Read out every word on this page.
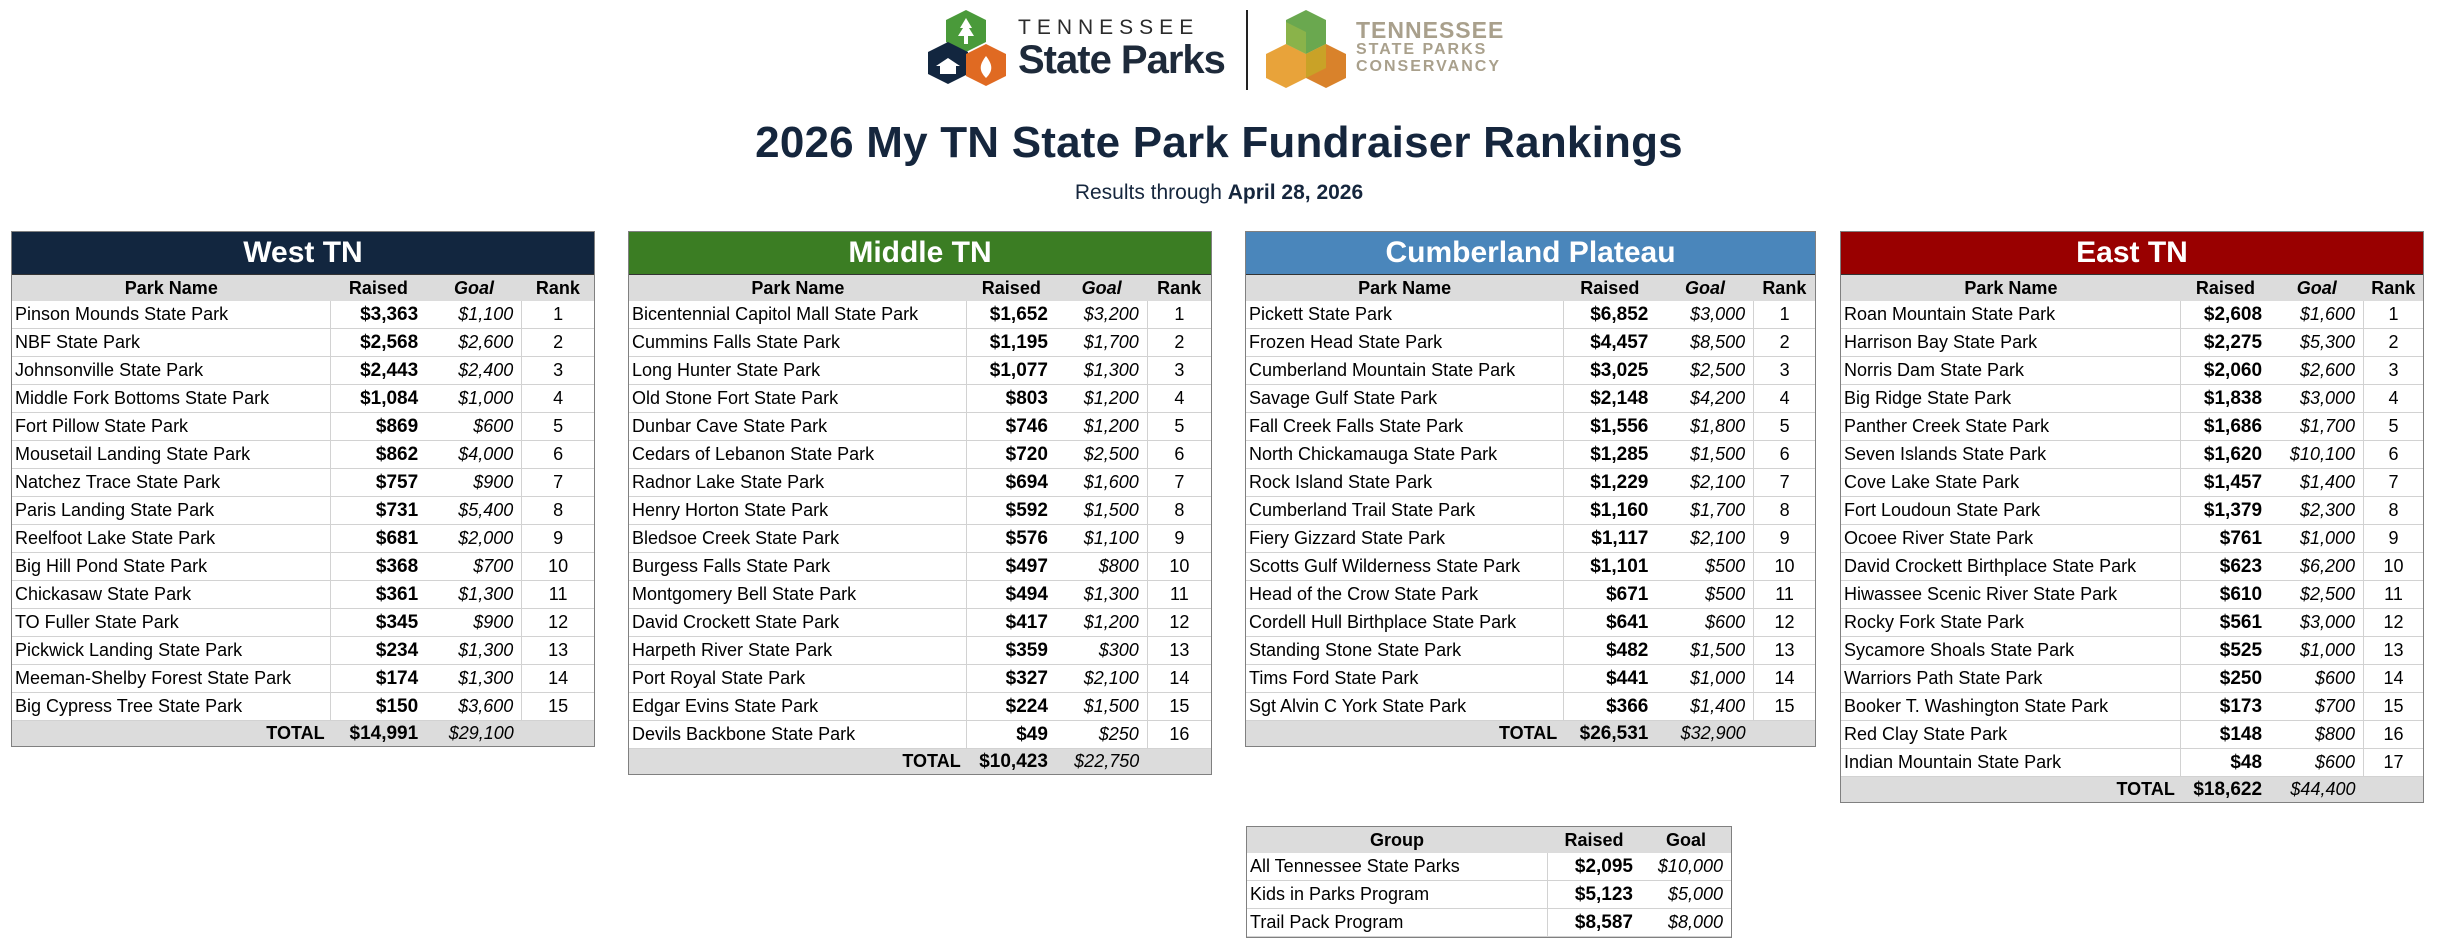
TENNESSEE
State Parks
TENNESSEE
STATE PARKS
CONSERVANCY
2026 My TN State Park Fundraiser Rankings
Results through April 28, 2026
West TN
Park Name	Raised	Goal	Rank
Pinson Mounds State Park	$3,363	$1,100	1
NBF State Park	$2,568	$2,600	2
Johnsonville State Park	$2,443	$2,400	3
Middle Fork Bottoms State Park	$1,084	$1,000	4
Fort Pillow State Park	$869	$600	5
Mousetail Landing State Park	$862	$4,000	6
Natchez Trace State Park	$757	$900	7
Paris Landing State Park	$731	$5,400	8
Reelfoot Lake State Park	$681	$2,000	9
Big Hill Pond State Park	$368	$700	10
Chickasaw State Park	$361	$1,300	11
TO Fuller State Park	$345	$900	12
Pickwick Landing State Park	$234	$1,300	13
Meeman-Shelby Forest State Park	$174	$1,300	14
Big Cypress Tree State Park	$150	$3,600	15
TOTAL	$14,991	$29,100	
Middle TN
Park Name	Raised	Goal	Rank
Bicentennial Capitol Mall State Park	$1,652	$3,200	1
Cummins Falls State Park	$1,195	$1,700	2
Long Hunter State Park	$1,077	$1,300	3
Old Stone Fort State Park	$803	$1,200	4
Dunbar Cave State Park	$746	$1,200	5
Cedars of Lebanon State Park	$720	$2,500	6
Radnor Lake State Park	$694	$1,600	7
Henry Horton State Park	$592	$1,500	8
Bledsoe Creek State Park	$576	$1,100	9
Burgess Falls State Park	$497	$800	10
Montgomery Bell State Park	$494	$1,300	11
David Crockett State Park	$417	$1,200	12
Harpeth River State Park	$359	$300	13
Port Royal State Park	$327	$2,100	14
Edgar Evins State Park	$224	$1,500	15
Devils Backbone State Park	$49	$250	16
TOTAL	$10,423	$22,750	
Cumberland Plateau
Park Name	Raised	Goal	Rank
Pickett State Park	$6,852	$3,000	1
Frozen Head State Park	$4,457	$8,500	2
Cumberland Mountain State Park	$3,025	$2,500	3
Savage Gulf State Park	$2,148	$4,200	4
Fall Creek Falls State Park	$1,556	$1,800	5
North Chickamauga State Park	$1,285	$1,500	6
Rock Island State Park	$1,229	$2,100	7
Cumberland Trail State Park	$1,160	$1,700	8
Fiery Gizzard State Park	$1,117	$2,100	9
Scotts Gulf Wilderness State Park	$1,101	$500	10
Head of the Crow State Park	$671	$500	11
Cordell Hull Birthplace State Park	$641	$600	12
Standing Stone State Park	$482	$1,500	13
Tims Ford State Park	$441	$1,000	14
Sgt Alvin C York State Park	$366	$1,400	15
TOTAL	$26,531	$32,900	
East TN
Park Name	Raised	Goal	Rank
Roan Mountain State Park	$2,608	$1,600	1
Harrison Bay State Park	$2,275	$5,300	2
Norris Dam State Park	$2,060	$2,600	3
Big Ridge State Park	$1,838	$3,000	4
Panther Creek State Park	$1,686	$1,700	5
Seven Islands State Park	$1,620	$10,100	6
Cove Lake State Park	$1,457	$1,400	7
Fort Loudoun State Park	$1,379	$2,300	8
Ocoee River State Park	$761	$1,000	9
David Crockett Birthplace State Park	$623	$6,200	10
Hiwassee Scenic River State Park	$610	$2,500	11
Rocky Fork State Park	$561	$3,000	12
Sycamore Shoals State Park	$525	$1,000	13
Warriors Path State Park	$250	$600	14
Booker T. Washington State Park	$173	$700	15
Red Clay State Park	$148	$800	16
Indian Mountain State Park	$48	$600	17
TOTAL	$18,622	$44,400	
Group	Raised	Goal
All Tennessee State Parks	$2,095	$10,000
Kids in Parks Program	$5,123	$5,000
Trail Pack Program	$8,587	$8,000
